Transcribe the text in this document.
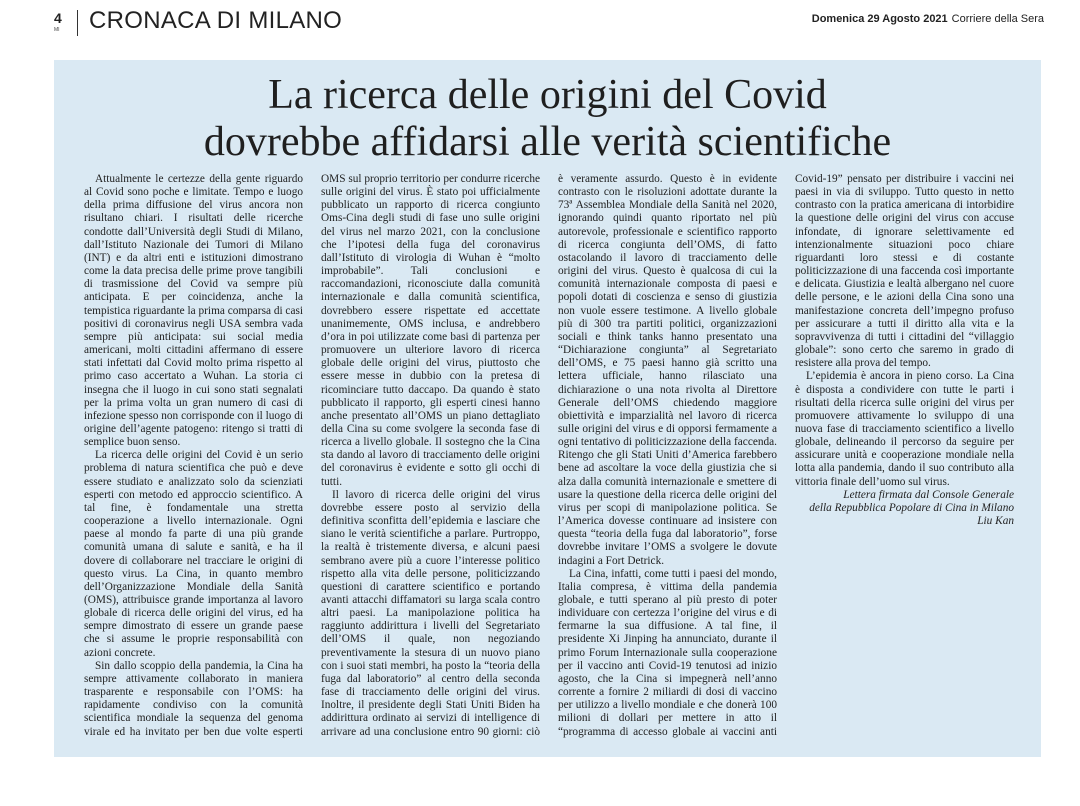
4
MI CRONACA DI MILANO	Domenica 29 Agosto 2021 Corriere della Sera
La ricerca delle origini del Covid
dovrebbe affidarsi alle verità scientifiche

Attualmente le certezze della gente riguardo al Covid sono poche e limitate. Tempo e luogo della prima diffusione del virus ancora non risultano chiari. I risultati delle ricerche condotte dall’Università degli Studi di Milano, dall’Istituto Nazionale dei Tumori di Milano (INT) e da altri enti e istituzioni dimostrano come la data precisa delle prime prove tangibili di trasmissione del Covid va sempre più anticipata. E per coincidenza, anche la tempistica riguardante la prima comparsa di casi positivi di coronavirus negli USA sembra vada sempre più anticipata: sui social media americani, molti cittadini affermano di essere stati infettati dal Covid molto prima rispetto al primo caso accertato a Wuhan. La storia ci insegna che il luogo in cui sono stati segnalati per la prima volta un gran numero di casi di infezione spesso non corrisponde con il luogo di origine dell’agente patogeno: ritengo si tratti di semplice buon senso.

La ricerca delle origini del Covid è un serio problema di natura scientifica che può e deve essere studiato e analizzato solo da scienziati esperti con metodo ed approccio scientifico. A tal fine, è fondamentale una stretta cooperazione a livello internazionale. Ogni paese al mondo fa parte di una più grande comunità umana di salute e sanità, e ha il dovere di collaborare nel tracciare le origini di questo virus. La Cina, in quanto membro dell’Organizzazione Mondiale della Sanità (OMS), attribuisce grande importanza al lavoro globale di ricerca delle origini del virus, ed ha sempre dimostrato di essere un grande paese che si assume le proprie responsabilità con azioni concrete.

Sin dallo scoppio della pandemia, la Cina ha sempre attivamente collaborato in maniera trasparente e responsabile con l’OMS: ha rapidamente condiviso con la comunità scientifica mondiale la sequenza del genoma virale ed ha invitato per ben due volte esperti OMS sul proprio territorio per condurre ricerche sulle origini del virus. È stato poi ufficialmente pubblicato un rapporto di ricerca congiunto Oms-Cina degli studi di fase uno sulle origini del virus nel marzo 2021, con la conclusione che l’ipotesi della fuga del coronavirus dall’Istituto di virologia di Wuhan è “molto improbabile”. Tali conclusioni e raccomandazioni, riconosciute dalla comunità internazionale e dalla comunità scientifica, dovrebbero essere rispettate ed accettate unanimemente, OMS inclusa, e andrebbero d’ora in poi utilizzate come basi di partenza per promuovere un ulteriore lavoro di ricerca globale delle origini del virus, piuttosto che essere messe in dubbio con la pretesa di ricominciare tutto daccapo. Da quando è stato pubblicato il rapporto, gli esperti cinesi hanno anche presentato all’OMS un piano dettagliato della Cina su come svolgere la seconda fase di ricerca a livello globale. Il sostegno che la Cina sta dando al lavoro di tracciamento delle origini del coronavirus è evidente e sotto gli occhi di tutti.

Il lavoro di ricerca delle origini del virus dovrebbe essere posto al servizio della definitiva sconfitta dell’epidemia e lasciare che siano le verità scientifiche a parlare. Purtroppo, la realtà è tristemente diversa, e alcuni paesi sembrano avere più a cuore l’interesse politico rispetto alla vita delle persone, politicizzando questioni di carattere scientifico e portando avanti attacchi diffamatori su larga scala contro altri paesi. La manipolazione politica ha raggiunto addirittura i livelli del Segretariato dell’OMS il quale, non negoziando preventivamente la stesura di un nuovo piano con i suoi stati membri, ha posto la “teoria della fuga dal laboratorio” al centro della seconda fase di tracciamento delle origini del virus. Inoltre, il presidente degli Stati Uniti Biden ha addirittura ordinato ai servizi di intelligence di arrivare ad una conclusione entro 90 giorni: ciò è veramente assurdo. Questo è in evidente contrasto con le risoluzioni adottate durante la 73ª Assemblea Mondiale della Sanità nel 2020, ignorando quindi quanto riportato nel più autorevole, professionale e scientifico rapporto di ricerca congiunta dell’OMS, di fatto ostacolando il lavoro di tracciamento delle origini del virus. Questo è qualcosa di cui la comunità internazionale composta di paesi e popoli dotati di coscienza e senso di giustizia non vuole essere testimone. A livello globale più di 300 tra partiti politici, organizzazioni sociali e think tanks hanno presentato una “Dichiarazione congiunta” al Segretariato dell’OMS, e 75 paesi hanno già scritto una lettera ufficiale, hanno rilasciato una dichiarazione o una nota rivolta al Direttore Generale dell’OMS chiedendo maggiore obiettività e imparzialità nel lavoro di ricerca sulle origini del virus e di opporsi fermamente a ogni tentativo di politicizzazione della faccenda. Ritengo che gli Stati Uniti d’America farebbero bene ad ascoltare la voce della giustizia che si alza dalla comunità internazionale e smettere di usare la questione della ricerca delle origini del virus per scopi di manipolazione politica. Se l’America dovesse continuare ad insistere con questa “teoria della fuga dal laboratorio”, forse dovrebbe invitare l’OMS a svolgere le dovute indagini a Fort Detrick.

La Cina, infatti, come tutti i paesi del mondo, Italia compresa, è vittima della pandemia globale, e tutti sperano al più presto di poter individuare con certezza l’origine del virus e di fermarne la sua diffusione. A tal fine, il presidente Xi Jinping ha annunciato, durante il primo Forum Internazionale sulla cooperazione per il vaccino anti Covid-19 tenutosi ad inizio agosto, che la Cina si impegnerà nell’anno corrente a fornire 2 miliardi di dosi di vaccino per utilizzo a livello mondiale e che donerà 100 milioni di dollari per mettere in atto il “programma di accesso globale ai vaccini anti Covid-19” pensato per distribuire i vaccini nei paesi in via di sviluppo. Tutto questo in netto contrasto con la pratica americana di intorbidire la questione delle origini del virus con accuse infondate, di ignorare selettivamente ed intenzionalmente situazioni poco chiare riguardanti loro stessi e di costante politicizzazione di una faccenda così importante e delicata. Giustizia e lealtà albergano nel cuore delle persone, e le azioni della Cina sono una manifestazione concreta dell’impegno profuso per assicurare a tutti il diritto alla vita e la sopravvivenza di tutti i cittadini del “villaggio globale”: sono certo che saremo in grado di resistere alla prova del tempo.

L’epidemia è ancora in pieno corso. La Cina è disposta a condividere con tutte le parti i risultati della ricerca sulle origini del virus per promuovere attivamente lo sviluppo di una nuova fase di tracciamento scientifico a livello globale, delineando il percorso da seguire per assicurare unità e cooperazione mondiale nella lotta alla pandemia, dando il suo contributo alla vittoria finale dell’uomo sul virus.

Lettera firmata dal Console Generale
della Repubblica Popolare di Cina in Milano
Liu Kan
